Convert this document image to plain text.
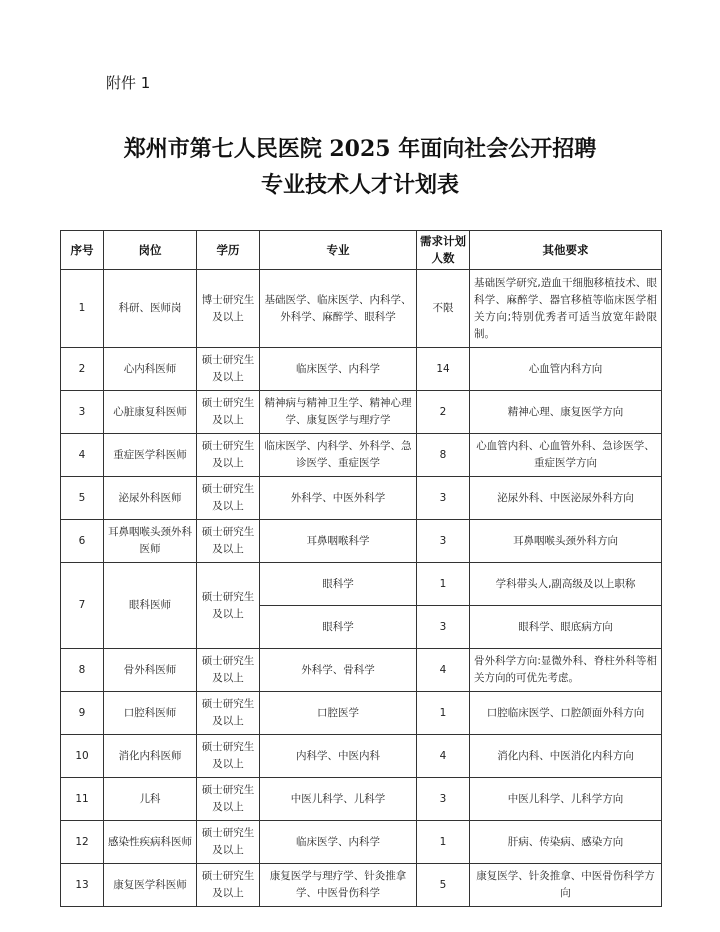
附件 1
郑州市第七人民医院 2025 年面向社会公开招聘
专业技术人才计划表
序号	岗位	学历	专业	需求计划人数	其他要求
1	科研、医师岗	博士研究生及以上	基础医学、临床医学、内科学、外科学、麻醉学、眼科学	不限	基础医学研究,造血干细胞移植技术、眼科学、麻醉学、器官移植等临床医学相关方向;特别优秀者可适当放宽年龄限制。
2	心内科医师	硕士研究生及以上	临床医学、内科学	14	心血管内科方向
3	心脏康复科医师	硕士研究生及以上	精神病与精神卫生学、精神心理学、康复医学与理疗学	2	精神心理、康复医学方向
4	重症医学科医师	硕士研究生及以上	临床医学、内科学、外科学、急诊医学、重症医学	8	心血管内科、心血管外科、急诊医学、重症医学方向
5	泌尿外科医师	硕士研究生及以上	外科学、中医外科学	3	泌尿外科、中医泌尿外科方向
6	耳鼻咽喉头颈外科医师	硕士研究生及以上	耳鼻咽喉科学	3	耳鼻咽喉头颈外科方向
7	眼科医师	硕士研究生及以上	眼科学	1	学科带头人,副高级及以上职称
			眼科学	3	眼科学、眼底病方向
8	骨外科医师	硕士研究生及以上	外科学、骨科学	4	骨外科学方向:显微外科、脊柱外科等相关方向的可优先考虑。
9	口腔科医师	硕士研究生及以上	口腔医学	1	口腔临床医学、口腔颌面外科方向
10	消化内科医师	硕士研究生及以上	内科学、中医内科	4	消化内科、中医消化内科方向
11	儿科	硕士研究生及以上	中医儿科学、儿科学	3	中医儿科学、儿科学方向
12	感染性疾病科医师	硕士研究生及以上	临床医学、内科学	1	肝病、传染病、感染方向
13	康复医学科医师	硕士研究生及以上	康复医学与理疗学、针灸推拿学、中医骨伤科学	5	康复医学、针灸推拿、中医骨伤科学方向
